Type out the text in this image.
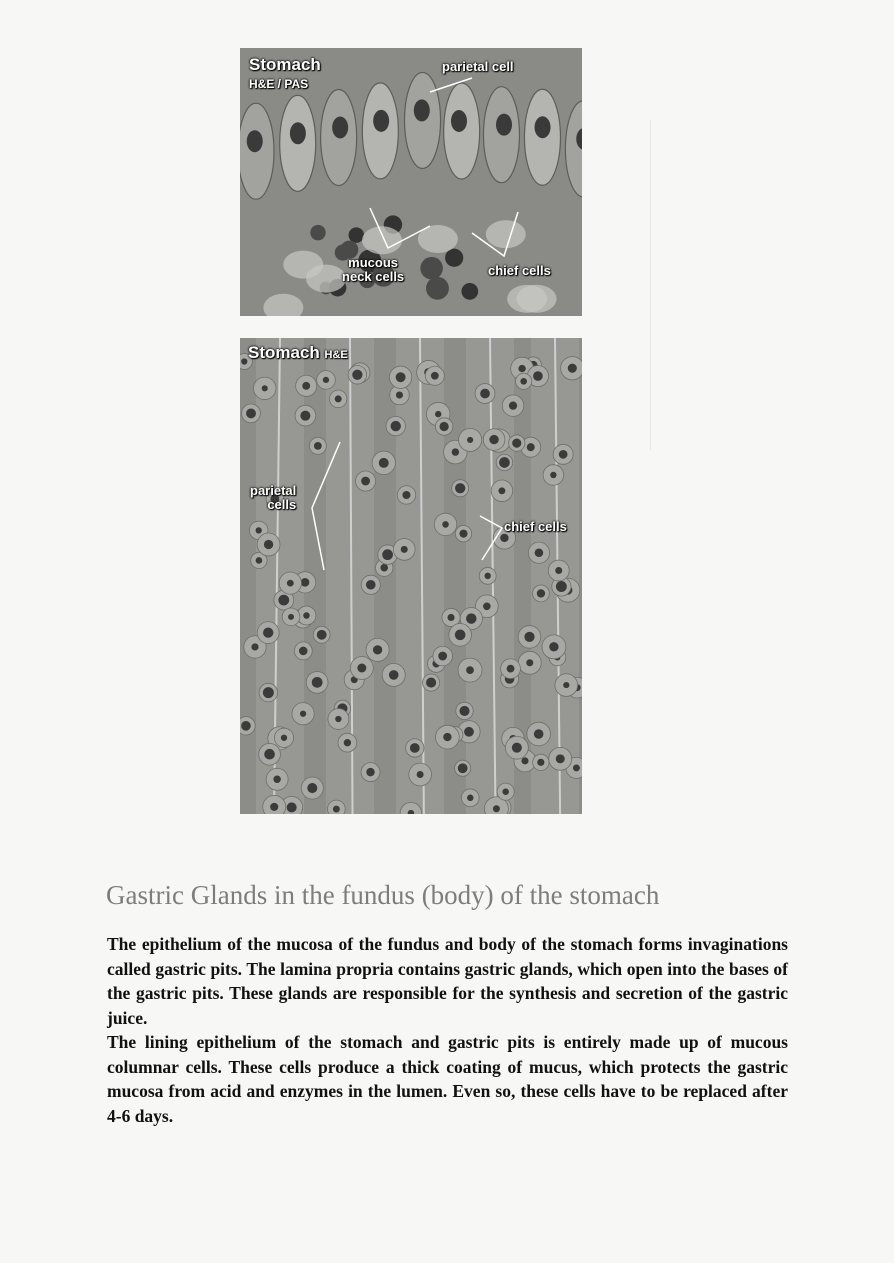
Stomach
H&E / PAS
parietal cell
mucous
neck cells	chief cells
Stomach H&E
parietal
cells
chief cells
Gastric Glands in the fundus (body) of the stomach

The epithelium of the mucosa of the fundus and body of the stomach forms invaginations called gastric pits. The lamina propria contains gastric glands, which open into the bases of the gastric pits. These glands are responsible for the synthesis and secretion of the gastric juice.

The lining epithelium of the stomach and gastric pits is entirely made up of mucous columnar cells. These cells produce a thick coating of mucus, which protects the gastric mucosa from acid and enzymes in the lumen. Even so, these cells have to be replaced after 4-6 days.
